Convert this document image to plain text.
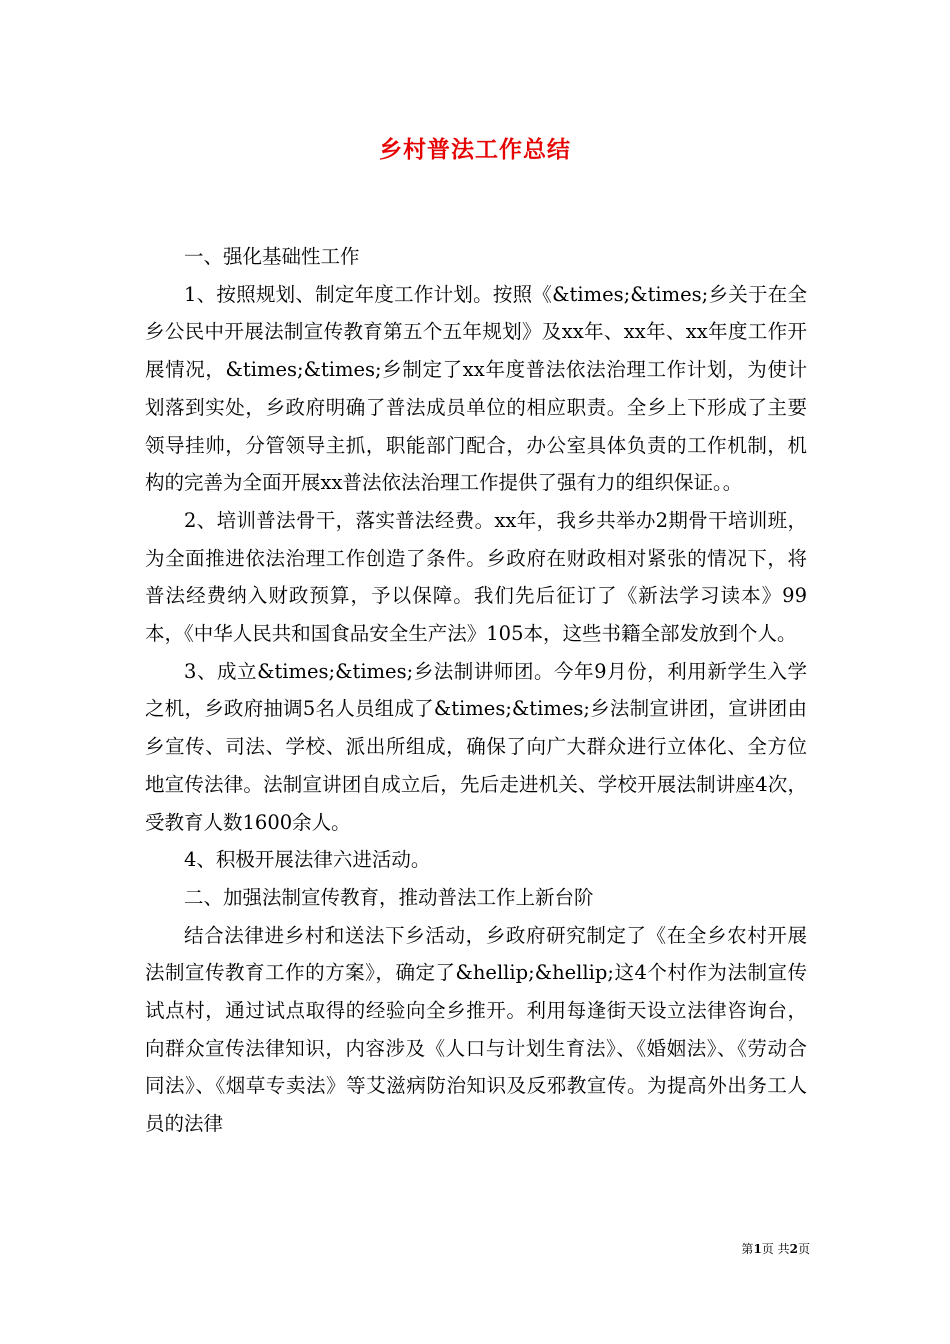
乡村普法工作总结

一、强化基础性工作

1、按照规划、制定年度工作计划。按照《&times;&times;乡关于在全乡公民中开展法制宣传教育第五个五年规划》及xx年、xx年、xx年度工作开展情况，&times;&times;乡制定了xx年度普法依法治理工作计划，为使计划落到实处，乡政府明确了普法成员单位的相应职责。全乡上下形成了主要领导挂帅，分管领导主抓，职能部门配合，办公室具体负责的工作机制，机构的完善为全面开展xx普法依法治理工作提供了强有力的组织保证。。

2、培训普法骨干，落实普法经费。xx年，我乡共举办2期骨干培训班，为全面推进依法治理工作创造了条件。乡政府在财政相对紧张的情况下，将普法经费纳入财政预算，予以保障。我们先后征订了《新法学习读本》99本，《中华人民共和国食品安全生产法》105本，这些书籍全部发放到个人。

3、成立&times;&times;乡法制讲师团。今年9月份，利用新学生入学之机，乡政府抽调5名人员组成了&times;&times;乡法制宣讲团，宣讲团由乡宣传、司法、学校、派出所组成，确保了向广大群众进行立体化、全方位地宣传法律。法制宣讲团自成立后，先后走进机关、学校开展法制讲座4次，受教育人数1600余人。

4、积极开展法律六进活动。

二、加强法制宣传教育，推动普法工作上新台阶

结合法律进乡村和送法下乡活动，乡政府研究制定了《在全乡农村开展法制宣传教育工作的方案》，确定了&hellip;&hellip;这4个村作为法制宣传试点村，通过试点取得的经验向全乡推开。利用每逢街天设立法律咨询台，向群众宣传法律知识，内容涉及《人口与计划生育法》、《婚姻法》、《劳动合同法》、《烟草专卖法》等艾滋病防治知识及反邪教宣传。为提高外出务工人员的法律

第1页 共2页
